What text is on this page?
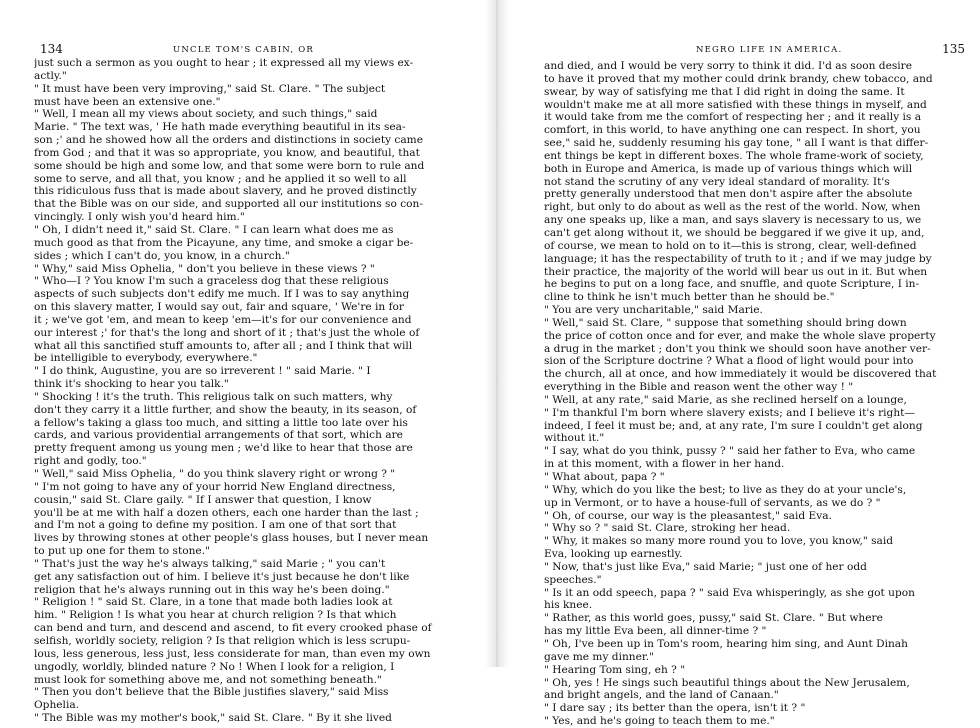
134	UNCLE TOM'S CABIN, OR
just such a sermon as you ought to hear ; it expressed all my views ex-
actly."
" It must have been very improving," said St. Clare. " The subject
must have been an extensive one."
" Well, I mean all my views about society, and such things," said
Marie. " The text was, ' He hath made everything beautiful in its sea-
son ;' and he showed how all the orders and distinctions in society came
from God ; and that it was so appropriate, you know, and beautiful, that
some should be high and some low, and that some were born to rule and
some to serve, and all that, you know ; and he applied it so well to all
this ridiculous fuss that is made about slavery, and he proved distinctly
that the Bible was on our side, and supported all our institutions so con-
vincingly. I only wish you'd heard him."
" Oh, I didn't need it," said St. Clare. " I can learn what does me as
much good as that from the Picayune, any time, and smoke a cigar be-
sides ; which I can't do, you know, in a church."
" Why," said Miss Ophelia, " don't you believe in these views ? "
" Who—I ? You know I'm such a graceless dog that these religious
aspects of such subjects don't edify me much. If I was to say anything
on this slavery matter, I would say out, fair and square, ' We're in for
it ; we've got 'em, and mean to keep 'em—it's for our convenience and
our interest ;' for that's the long and short of it ; that's just the whole of
what all this sanctified stuff amounts to, after all ; and I think that will
be intelligible to everybody, everywhere."
" I do think, Augustine, you are so irreverent ! " said Marie. " I
think it's shocking to hear you talk."
" Shocking ! it's the truth. This religious talk on such matters, why
don't they carry it a little further, and show the beauty, in its season, of
a fellow's taking a glass too much, and sitting a little too late over his
cards, and various providential arrangements of that sort, which are
pretty frequent among us young men ; we'd like to hear that those are
right and godly, too."
" Well," said Miss Ophelia, " do you think slavery right or wrong ? "
" I'm not going to have any of your horrid New England directness,
cousin," said St. Clare gaily. " If I answer that question, I know
you'll be at me with half a dozen others, each one harder than the last ;
and I'm not a going to define my position. I am one of that sort that
lives by throwing stones at other people's glass houses, but I never mean
to put up one for them to stone."
" That's just the way he's always talking," said Marie ; " you can't
get any satisfaction out of him. I believe it's just because he don't like
religion that he's always running out in this way he's been doing."
" Religion ! " said St. Clare, in a tone that made both ladies look at
him. " Religion ! Is what you hear at church religion ? Is that which
can bend and turn, and descend and ascend, to fit every crooked phase of
selfish, worldly society, religion ? Is that religion which is less scrupu-
lous, less generous, less just, less considerate for man, than even my own
ungodly, worldly, blinded nature ? No ! When I look for a religion, I
must look for something above me, and not something beneath."
" Then you don't believe that the Bible justifies slavery," said Miss
Ophelia.
" The Bible was my mother's book," said St. Clare. " By it she lived
NEGRO LIFE IN AMERICA.	135
and died, and I would be very sorry to think it did. I'd as soon desire
to have it proved that my mother could drink brandy, chew tobacco, and
swear, by way of satisfying me that I did right in doing the same. It
wouldn't make me at all more satisfied with these things in myself, and
it would take from me the comfort of respecting her ; and it really is a
comfort, in this world, to have anything one can respect. In short, you
see," said he, suddenly resuming his gay tone, " all I want is that differ-
ent things be kept in different boxes. The whole frame-work of society,
both in Europe and America, is made up of various things which will
not stand the scrutiny of any very ideal standard of morality. It's
pretty generally understood that men don't aspire after the absolute
right, but only to do about as well as the rest of the world. Now, when
any one speaks up, like a man, and says slavery is necessary to us, we
can't get along without it, we should be beggared if we give it up, and,
of course, we mean to hold on to it—this is strong, clear, well-defined
language; it has the respectability of truth to it ; and if we may judge by
their practice, the majority of the world will bear us out in it. But when
he begins to put on a long face, and snuffle, and quote Scripture, I in-
cline to think he isn't much better than he should be."
" You are very uncharitable," said Marie.
" Well," said St. Clare, " suppose that something should bring down
the price of cotton once and for ever, and make the whole slave property
a drug in the market ; don't you think we should soon have another ver-
sion of the Scripture doctrine ? What a flood of light would pour into
the church, all at once, and how immediately it would be discovered that
everything in the Bible and reason went the other way ! "
" Well, at any rate," said Marie, as she reclined herself on a lounge,
" I'm thankful I'm born where slavery exists; and I believe it's right—
indeed, I feel it must be; and, at any rate, I'm sure I couldn't get along
without it."
" I say, what do you think, pussy ? " said her father to Eva, who came
in at this moment, with a flower in her hand.
" What about, papa ? "
" Why, which do you like the best; to live as they do at your uncle's,
up in Vermont, or to have a house-full of servants, as we do ? "
" Oh, of course, our way is the pleasantest," said Eva.
" Why so ? " said St. Clare, stroking her head.
" Why, it makes so many more round you to love, you know," said
Eva, looking up earnestly.
" Now, that's just like Eva," said Marie; " just one of her odd
speeches."
" Is it an odd speech, papa ? " said Eva whisperingly, as she got upon
his knee.
" Rather, as this world goes, pussy," said St. Clare. " But where
has my little Eva been, all dinner-time ? "
" Oh, I've been up in Tom's room, hearing him sing, and Aunt Dinah
gave me my dinner."
" Hearing Tom sing, eh ? "
" Oh, yes ! He sings such beautiful things about the New Jerusalem,
and bright angels, and the land of Canaan."
" I dare say ; its better than the opera, isn't it ? "
" Yes, and he's going to teach them to me."
